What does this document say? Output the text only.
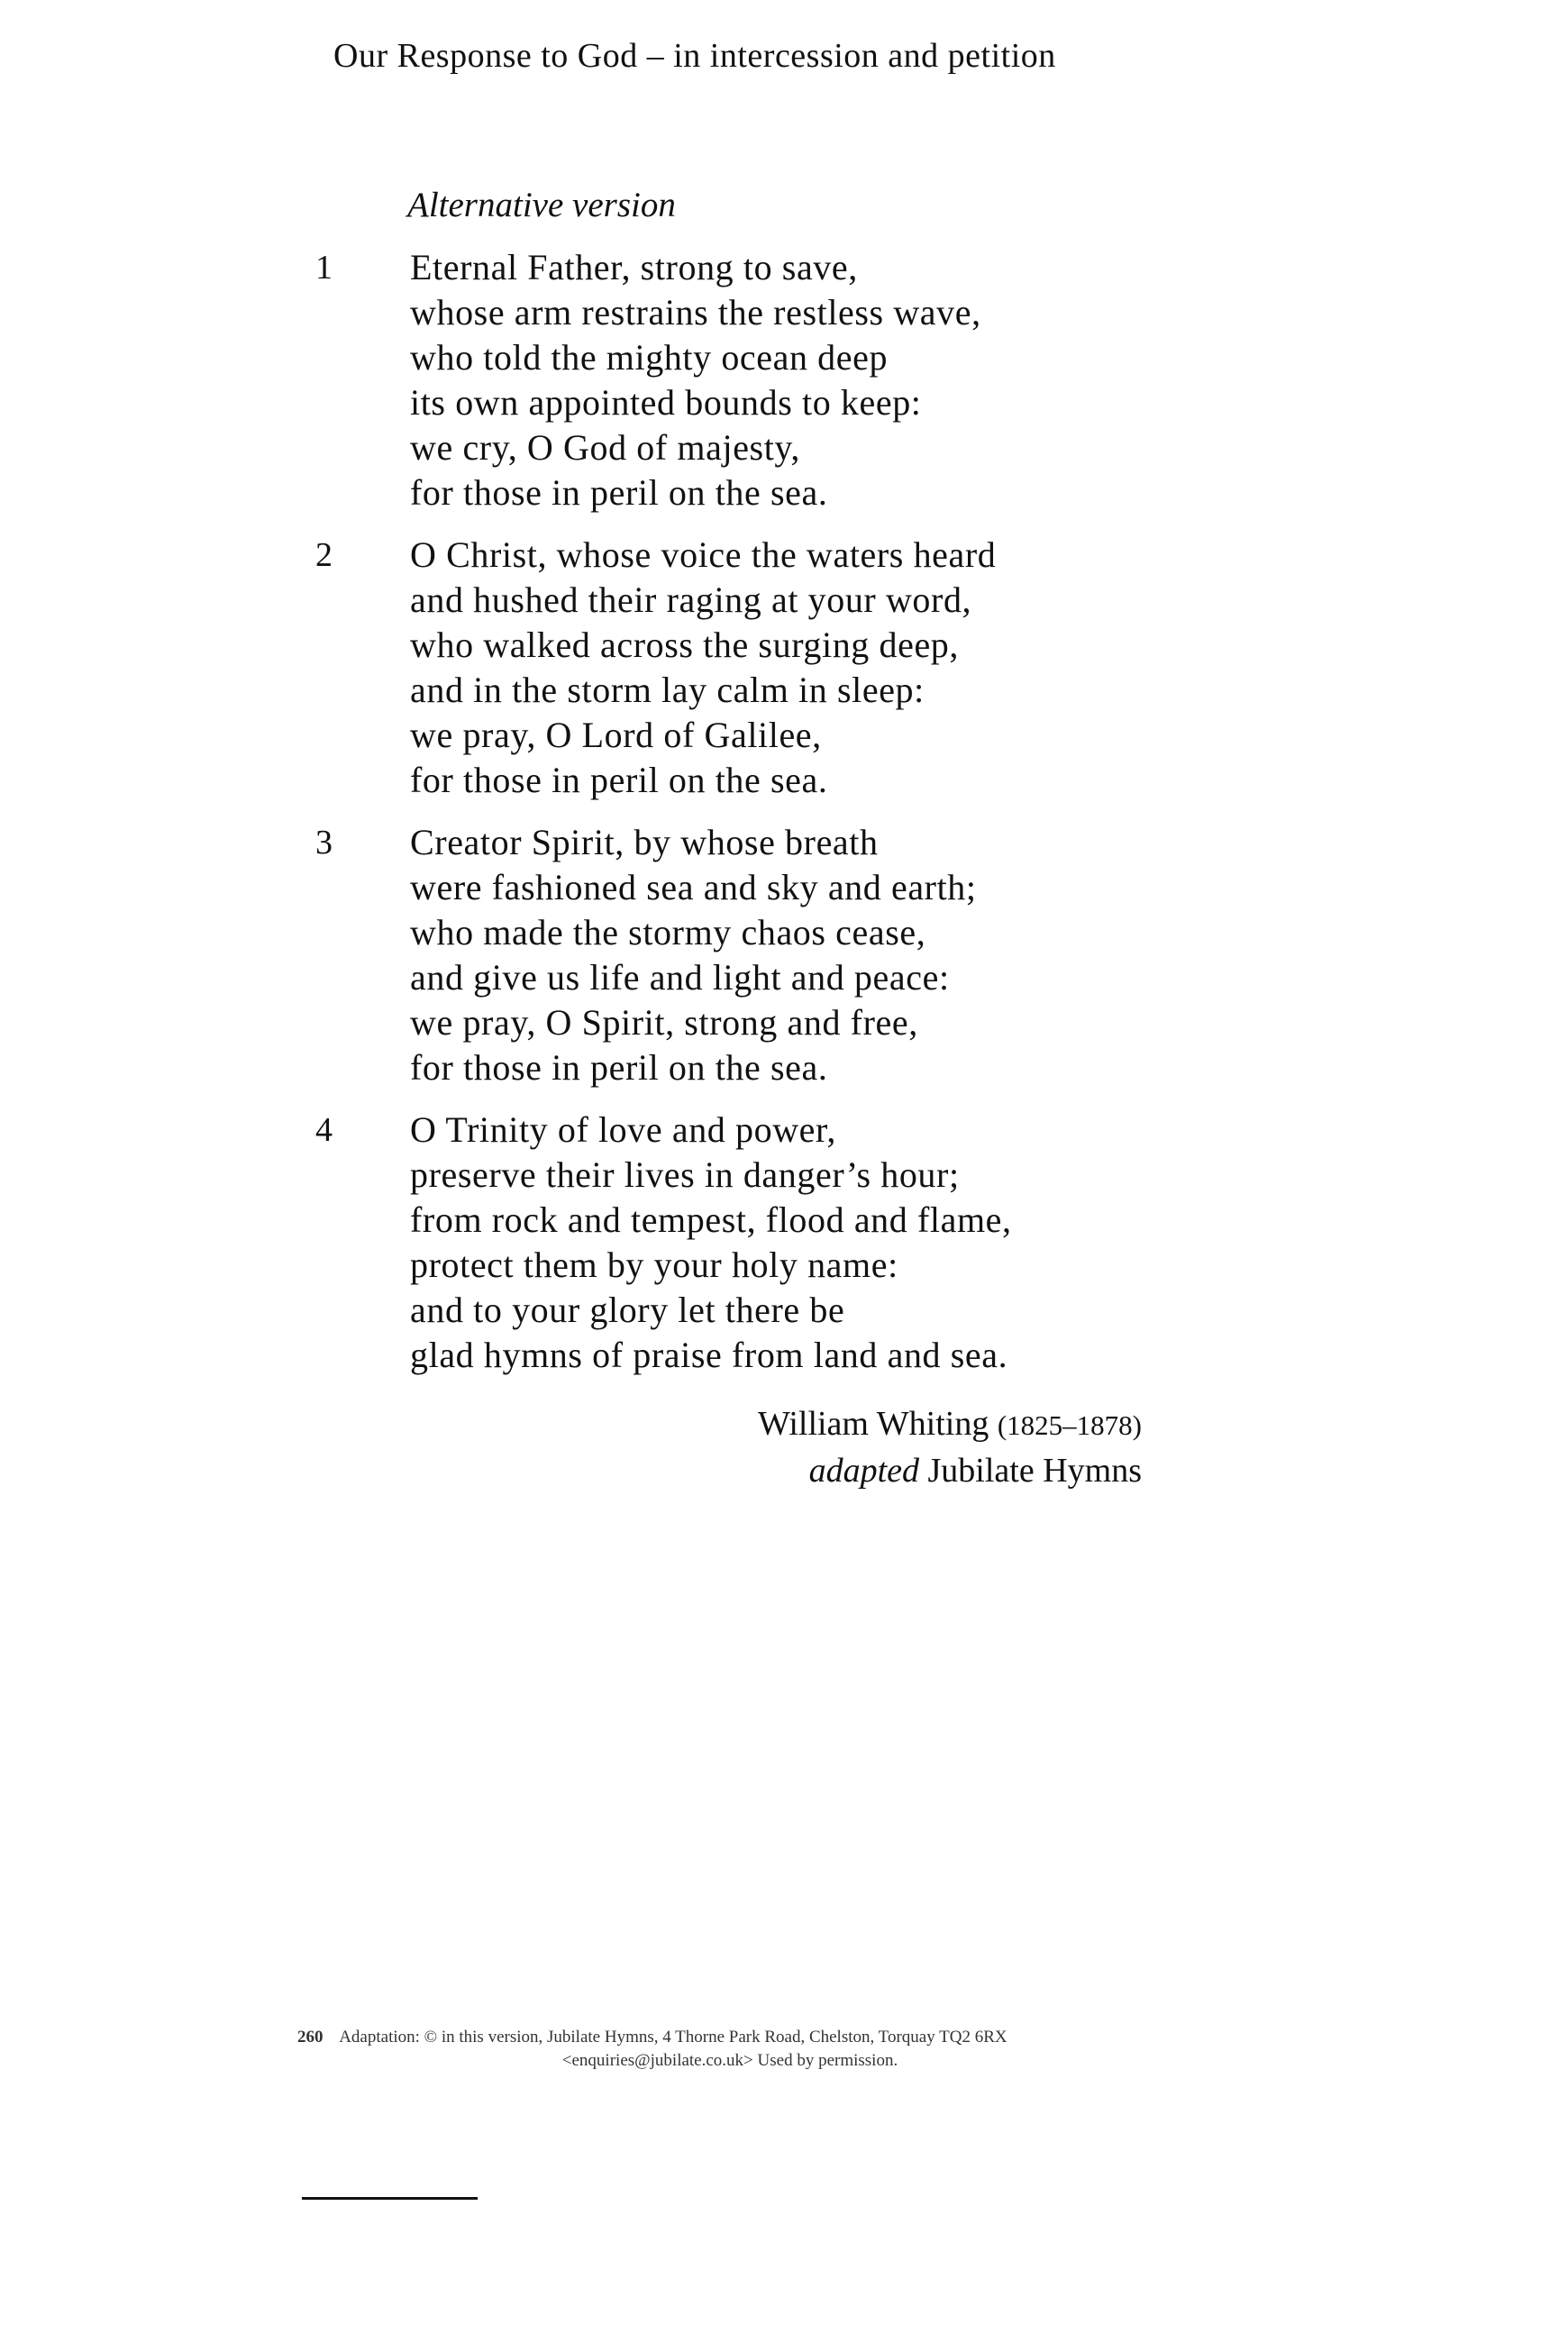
Our Response to God – in intercession and petition
Alternative version
1 Eternal Father, strong to save,
whose arm restrains the restless wave,
who told the mighty ocean deep
its own appointed bounds to keep:
we cry, O God of majesty,
for those in peril on the sea.
2 O Christ, whose voice the waters heard
and hushed their raging at your word,
who walked across the surging deep,
and in the storm lay calm in sleep:
we pray, O Lord of Galilee,
for those in peril on the sea.
3 Creator Spirit, by whose breath
were fashioned sea and sky and earth;
who made the stormy chaos cease,
and give us life and light and peace:
we pray, O Spirit, strong and free,
for those in peril on the sea.
4 O Trinity of love and power,
preserve their lives in danger’s hour;
from rock and tempest, flood and flame,
protect them by your holy name:
and to your glory let there be
glad hymns of praise from land and sea.
William Whiting (1825–1878)
adapted Jubilate Hymns
260 Adaptation: © in this version, Jubilate Hymns, 4 Thorne Park Road, Chelston, Torquay TQ2 6RX
<enquiries@jubilate.co.uk> Used by permission.
